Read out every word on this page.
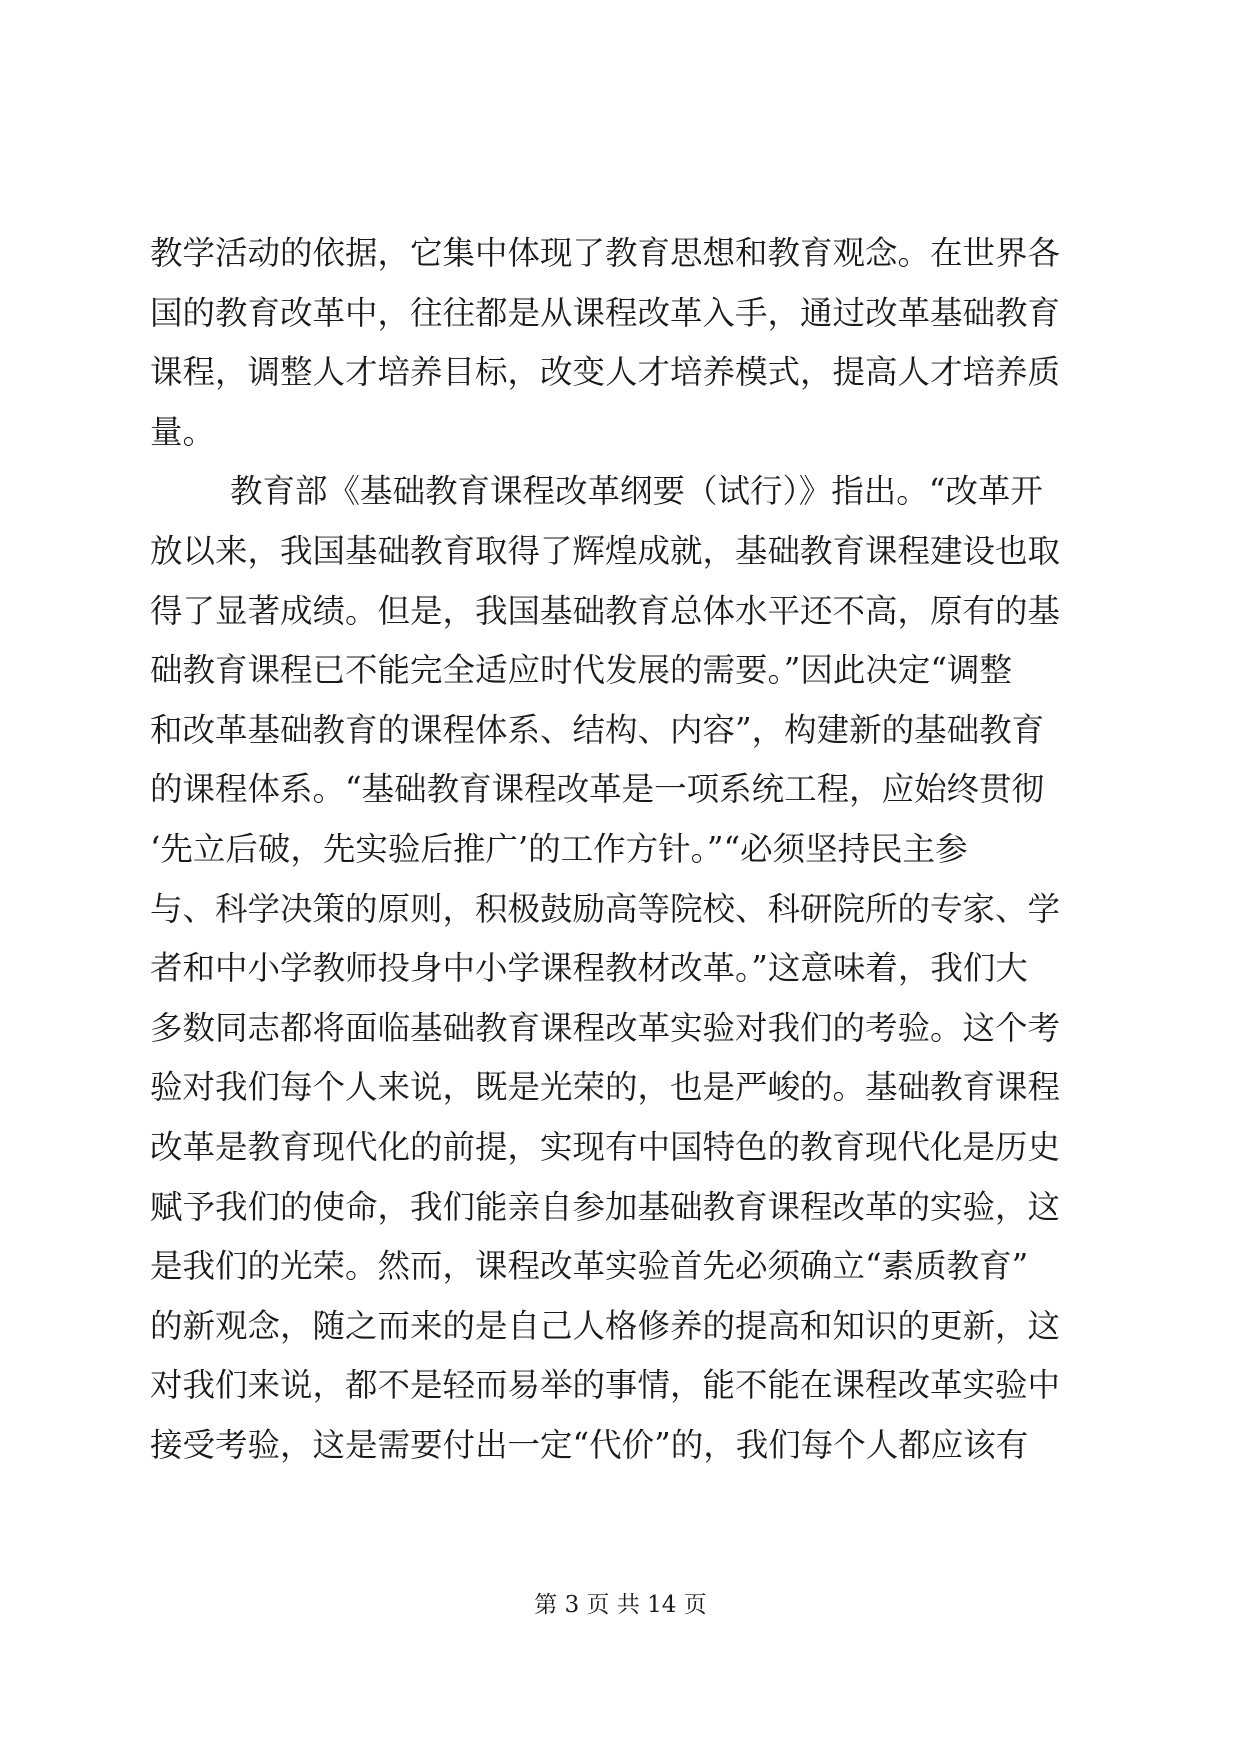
教学活动的依据，它集中体现了教育思想和教育观念。在世界各
国的教育改革中，往往都是从课程改革入手，通过改革基础教育
课程，调整人才培养目标，改变人才培养模式，提高人才培养质
量。
教育部《基础教育课程改革纲要（试行）》指出。“改革开
放以来，我国基础教育取得了辉煌成就，基础教育课程建设也取
得了显著成绩。但是，我国基础教育总体水平还不高，原有的基
础教育课程已不能完全适应时代发展的需要。”因此决定“调整
和改革基础教育的课程体系、结构、内容”，构建新的基础教育
的课程体系。“基础教育课程改革是一项系统工程，应始终贯彻
‘先立后破，先实验后推广’的工作方针。”“必须坚持民主参
与、科学决策的原则，积极鼓励高等院校、科研院所的专家、学
者和中小学教师投身中小学课程教材改革。”这意味着，我们大
多数同志都将面临基础教育课程改革实验对我们的考验。这个考
验对我们每个人来说，既是光荣的，也是严峻的。基础教育课程
改革是教育现代化的前提，实现有中国特色的教育现代化是历史
赋予我们的使命，我们能亲自参加基础教育课程改革的实验，这
是我们的光荣。然而，课程改革实验首先必须确立“素质教育”
的新观念，随之而来的是自己人格修养的提高和知识的更新，这
对我们来说，都不是轻而易举的事情，能不能在课程改革实验中
接受考验，这是需要付出一定“代价”的，我们每个人都应该有
第 3 页 共 14 页
